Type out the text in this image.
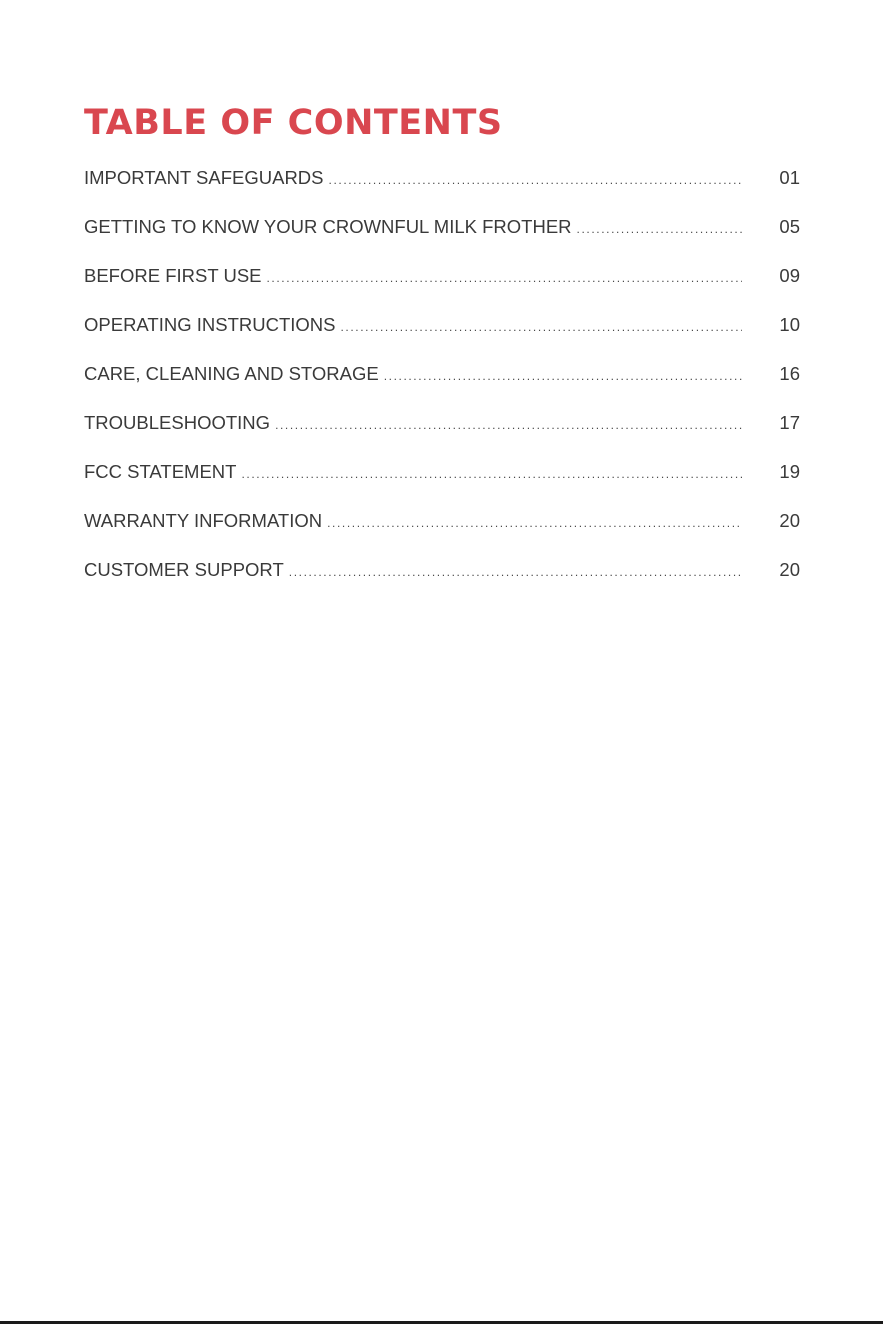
TABLE OF CONTENTS
IMPORTANT SAFEGUARDS .....	01
GETTING TO KNOW YOUR CROWNFUL MILK FROTHER .....	05
BEFORE FIRST USE .....	09
OPERATING INSTRUCTIONS .....	10
CARE, CLEANING AND STORAGE .....	16
TROUBLESHOOTING .....	17
FCC STATEMENT .....	19
WARRANTY INFORMATION .....	20
CUSTOMER SUPPORT .....	20
